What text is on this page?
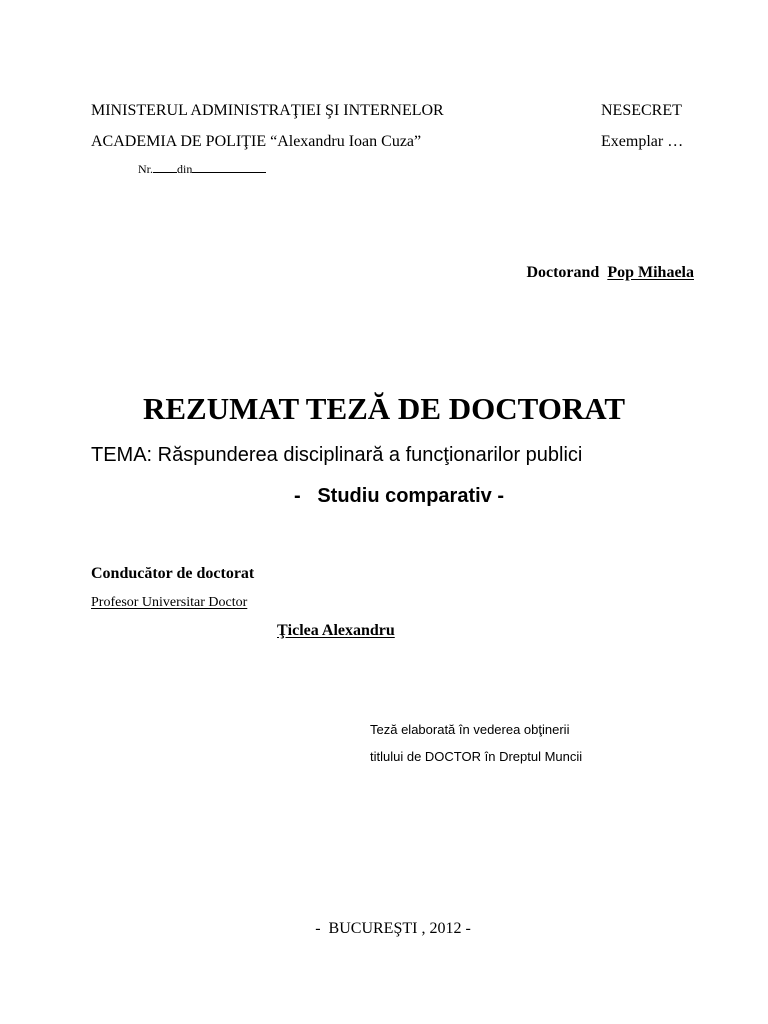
MINISTERUL ADMINISTRAŢIEI ŞI INTERNELOR	NESECRET
ACADEMIA DE POLIŢIE “Alexandru Ioan Cuza”	Exemplar …
Nr. din
Doctorand Pop Mihaela
REZUMAT TEZĂ DE DOCTORAT
TEMA: Răspunderea disciplinară a funcţionarilor publici
-   Studiu comparativ -
Conducător de doctorat
Profesor Universitar Doctor
Ţiclea Alexandru
Teză elaborată în vederea obţinerii
titlului de DOCTOR în Dreptul Muncii
-  BUCUREŞTI , 2012 -
